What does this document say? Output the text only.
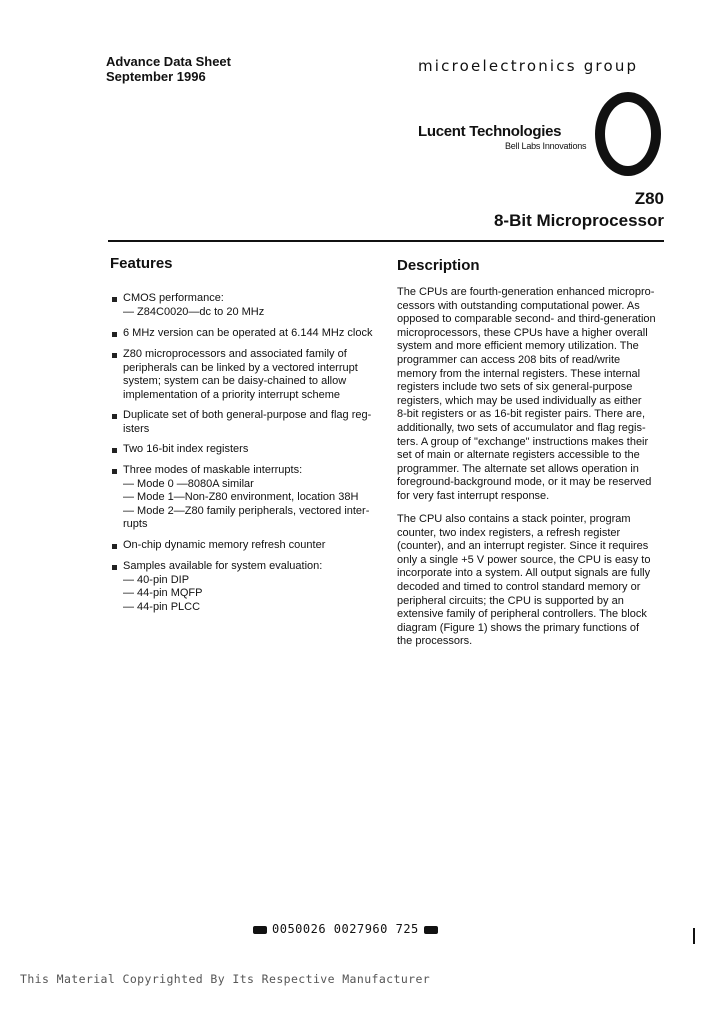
Advance Data Sheet
September 1996
microelectronics group
Lucent Technologies
Bell Labs Innovations
Z80
8-Bit Microprocessor
Features	Description
CMOS performance:
— Z84C0020—dc to 20 MHz
6 MHz version can be operated at 6.144 MHz clock
Z80 microprocessors and associated family of
peripherals can be linked by a vectored interrupt
system; system can be daisy-chained to allow
implementation of a priority interrupt scheme
Duplicate set of both general-purpose and flag reg-
isters
Two 16-bit index registers
Three modes of maskable interrupts:
— Mode 0 —8080A similar
— Mode 1—Non-Z80 environment, location 38H
— Mode 2—Z80 family peripherals, vectored inter-
rupts
On-chip dynamic memory refresh counter
Samples available for system evaluation:
— 40-pin DIP
— 44-pin MQFP
— 44-pin PLCC
The CPUs are fourth-generation enhanced micropro-
cessors with outstanding computational power. As
opposed to comparable second- and third-generation
microprocessors, these CPUs have a higher overall
system and more efficient memory utilization. The
programmer can access 208 bits of read/write
memory from the internal registers. These internal
registers include two sets of six general-purpose
registers, which may be used individually as either
8-bit registers or as 16-bit register pairs. There are,
additionally, two sets of accumulator and flag regis-
ters. A group of "exchange" instructions makes their
set of main or alternate registers accessible to the
programmer. The alternate set allows operation in
foreground-background mode, or it may be reserved
for very fast interrupt response.
The CPU also contains a stack pointer, program
counter, two index registers, a refresh register
(counter), and an interrupt register. Since it requires
only a single +5 V power source, the CPU is easy to
incorporate into a system. All output signals are fully
decoded and timed to control standard memory or
peripheral circuits; the CPU is supported by an
extensive family of peripheral controllers. The block
diagram (Figure 1) shows the primary functions of
the processors.
0050026 0027960 725
This Material Copyrighted By Its Respective Manufacturer
